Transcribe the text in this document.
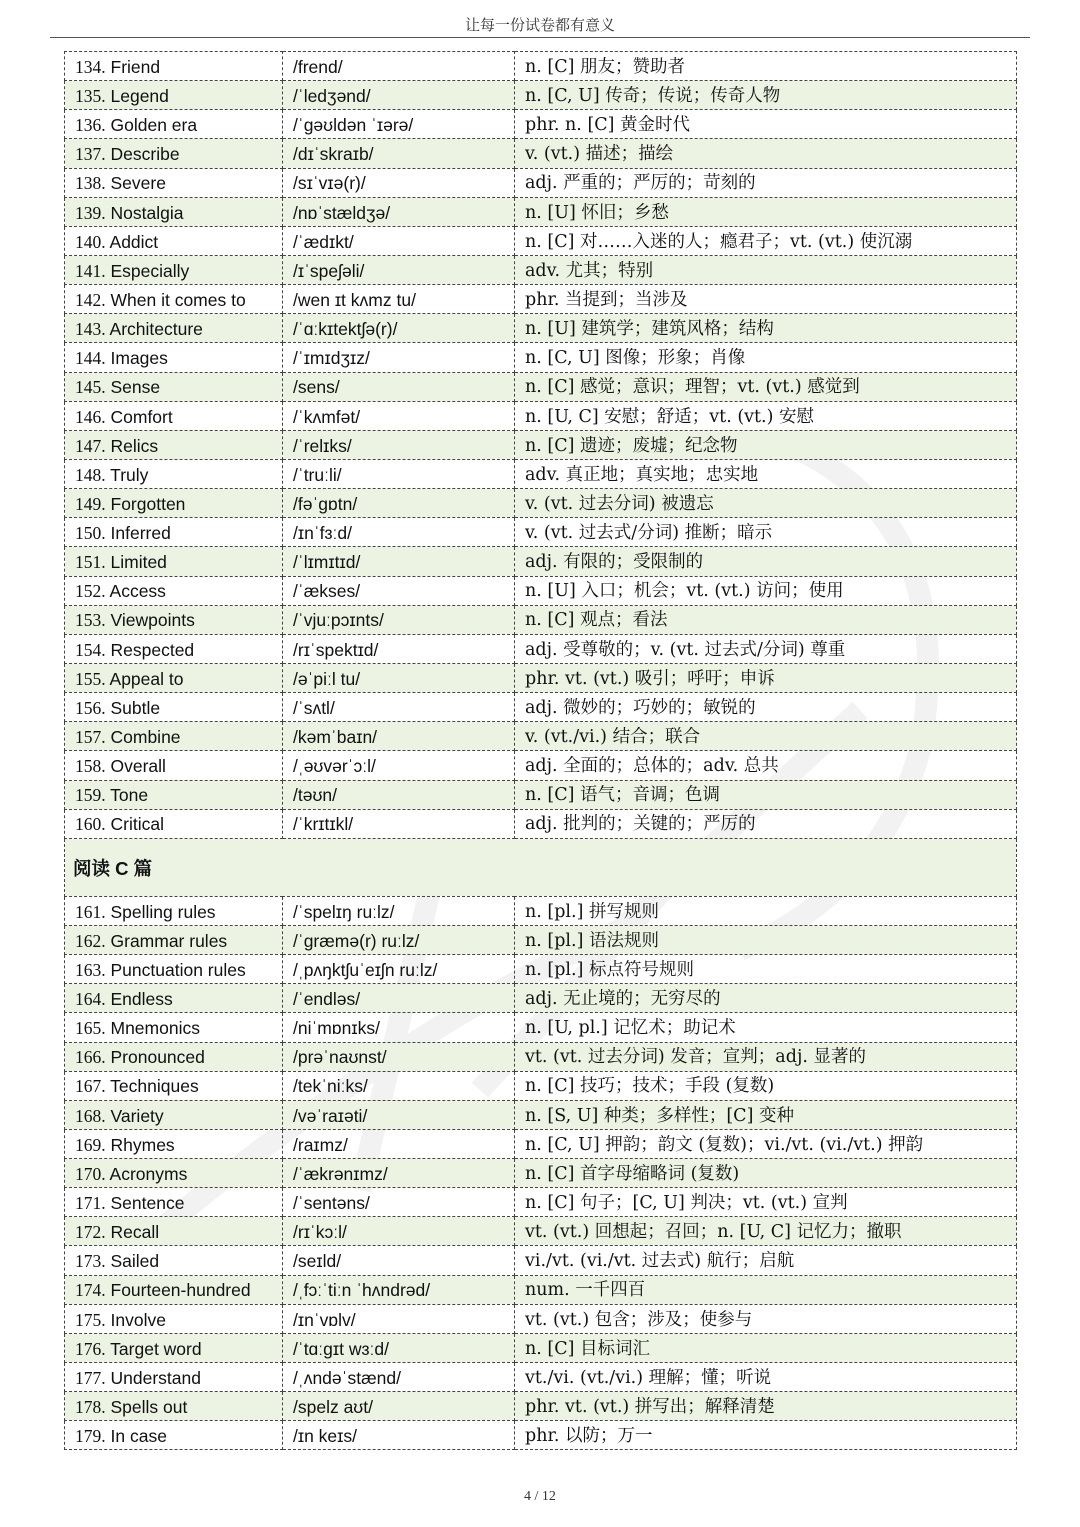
让每一份试卷都有意义
134. Friend	/frend/	n. [C] 朋友；赞助者
135. Legend	/ˈledʒənd/	n. [C, U] 传奇；传说；传奇人物
136. Golden era	/ˈɡəʊldən ˈɪərə/	phr. n. [C] 黄金时代
137. Describe	/dɪˈskraɪb/	v. (vt.) 描述；描绘
138. Severe	/sɪˈvɪə(r)/	adj. 严重的；严厉的；苛刻的
139. Nostalgia	/nɒˈstældʒə/	n. [U] 怀旧；乡愁
140. Addict	/ˈædɪkt/	n. [C] 对……入迷的人；瘾君子；vt. (vt.) 使沉溺
141. Especially	/ɪˈspeʃəli/	adv. 尤其；特别
142. When it comes to	/wen ɪt kʌmz tu/	phr. 当提到；当涉及
143. Architecture	/ˈɑːkɪtektʃə(r)/	n. [U] 建筑学；建筑风格；结构
144. Images	/ˈɪmɪdʒɪz/	n. [C, U] 图像；形象；肖像
145. Sense	/sens/	n. [C] 感觉；意识；理智；vt. (vt.) 感觉到
146. Comfort	/ˈkʌmfət/	n. [U, C] 安慰；舒适；vt. (vt.) 安慰
147. Relics	/ˈrelɪks/	n. [C] 遗迹；废墟；纪念物
148. Truly	/ˈtruːli/	adv. 真正地；真实地；忠实地
149. Forgotten	/fəˈɡɒtn/	v. (vt. 过去分词) 被遗忘
150. Inferred	/ɪnˈfɜːd/	v. (vt. 过去式/分词) 推断；暗示
151. Limited	/ˈlɪmɪtɪd/	adj. 有限的；受限制的
152. Access	/ˈækses/	n. [U] 入口；机会；vt. (vt.) 访问；使用
153. Viewpoints	/ˈvjuːpɔɪnts/	n. [C] 观点；看法
154. Respected	/rɪˈspektɪd/	adj. 受尊敬的；v. (vt. 过去式/分词) 尊重
155. Appeal to	/əˈpiːl tu/	phr. vt. (vt.) 吸引；呼吁；申诉
156. Subtle	/ˈsʌtl/	adj. 微妙的；巧妙的；敏锐的
157. Combine	/kəmˈbaɪn/	v. (vt./vi.) 结合；联合
158. Overall	/ˌəʊvərˈɔːl/	adj. 全面的；总体的；adv. 总共
159. Tone	/təʊn/	n. [C] 语气；音调；色调
160. Critical	/ˈkrɪtɪkl/	adj. 批判的；关键的；严厉的
阅读 C 篇		
161. Spelling rules	/ˈspelɪŋ ruːlz/	n. [pl.] 拼写规则
162. Grammar rules	/ˈɡræmə(r) ruːlz/	n. [pl.] 语法规则
163. Punctuation rules	/ˌpʌŋktʃuˈeɪʃn ruːlz/	n. [pl.] 标点符号规则
164. Endless	/ˈendləs/	adj. 无止境的；无穷尽的
165. Mnemonics	/niˈmɒnɪks/	n. [U, pl.] 记忆术；助记术
166. Pronounced	/prəˈnaʊnst/	vt. (vt. 过去分词) 发音；宣判；adj. 显著的
167. Techniques	/tekˈniːks/	n. [C] 技巧；技术；手段 (复数)
168. Variety	/vəˈraɪəti/	n. [S, U] 种类；多样性；[C] 变种
169. Rhymes	/raɪmz/	n. [C, U] 押韵；韵文 (复数)；vi./vt. (vi./vt.) 押韵
170. Acronyms	/ˈækrənɪmz/	n. [C] 首字母缩略词 (复数)
171. Sentence	/ˈsentəns/	n. [C] 句子；[C, U] 判决；vt. (vt.) 宣判
172. Recall	/rɪˈkɔːl/	vt. (vt.) 回想起；召回；n. [U, C] 记忆力；撤职
173. Sailed	/seɪld/	vi./vt. (vi./vt. 过去式) 航行；启航
174. Fourteen-hundred	/ˌfɔːˈtiːn ˈhʌndrəd/	num. 一千四百
175. Involve	/ɪnˈvɒlv/	vt. (vt.) 包含；涉及；使参与
176. Target word	/ˈtɑːɡɪt wɜːd/	n. [C] 目标词汇
177. Understand	/ˌʌndəˈstænd/	vt./vi. (vt./vi.) 理解；懂；听说
178. Spells out	/spelz aʊt/	phr. vt. (vt.) 拼写出；解释清楚
179. In case	/ɪn keɪs/	phr. 以防；万一
4 / 12
